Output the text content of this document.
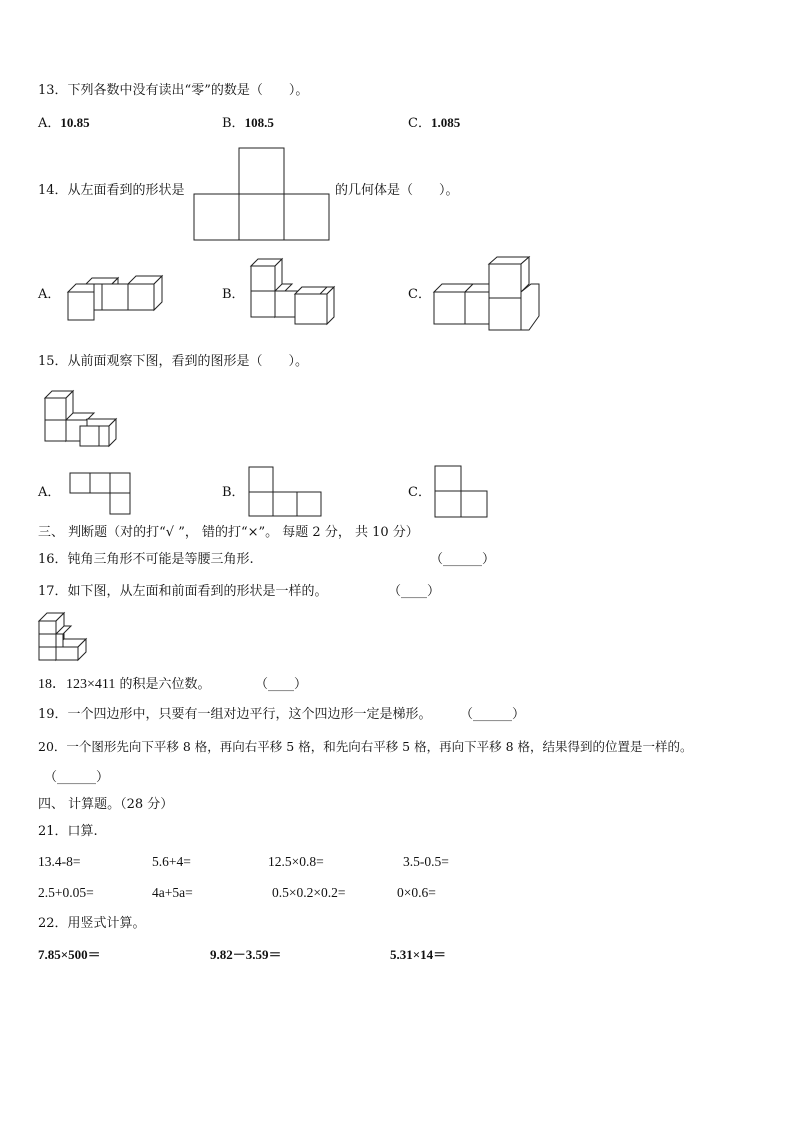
13．下列各数中没有读出“零”的数是（　　）。
A．10.85	B．108.5	C．1.085
14．从左面看到的形状是	的几何体是（　　）。
A．	B．	C．
15．从前面观察下图，看到的图形是（　　）。
A．	B．	C．
三、 判断题（对的打“√ ”， 错的打“×”。 每题 2 分， 共 10 分）
16．钝角三角形不可能是等腰三角形.	（______）
17．如下图，从左面和前面看到的形状是一样的。	（____）
18．123×411 的积是六位数。	（____）
19．一个四边形中，只要有一组对边平行，这个四边形一定是梯形。 （______）
20．一个图形先向下平移 8 格，再向右平移 5 格，和先向右平移 5 格，再向下平移 8 格，结果得到的位置是一样的。
（______）
四、 计算题。（28 分）
21．口算.
13.4-8=	5.6+4=	12.5×0.8=	3.5-0.5=
2.5+0.05=	4a+5a=	0.5×0.2×0.2=	0×0.6=
22．用竖式计算。
7.85×500＝	9.82－3.59＝	5.31×14＝
